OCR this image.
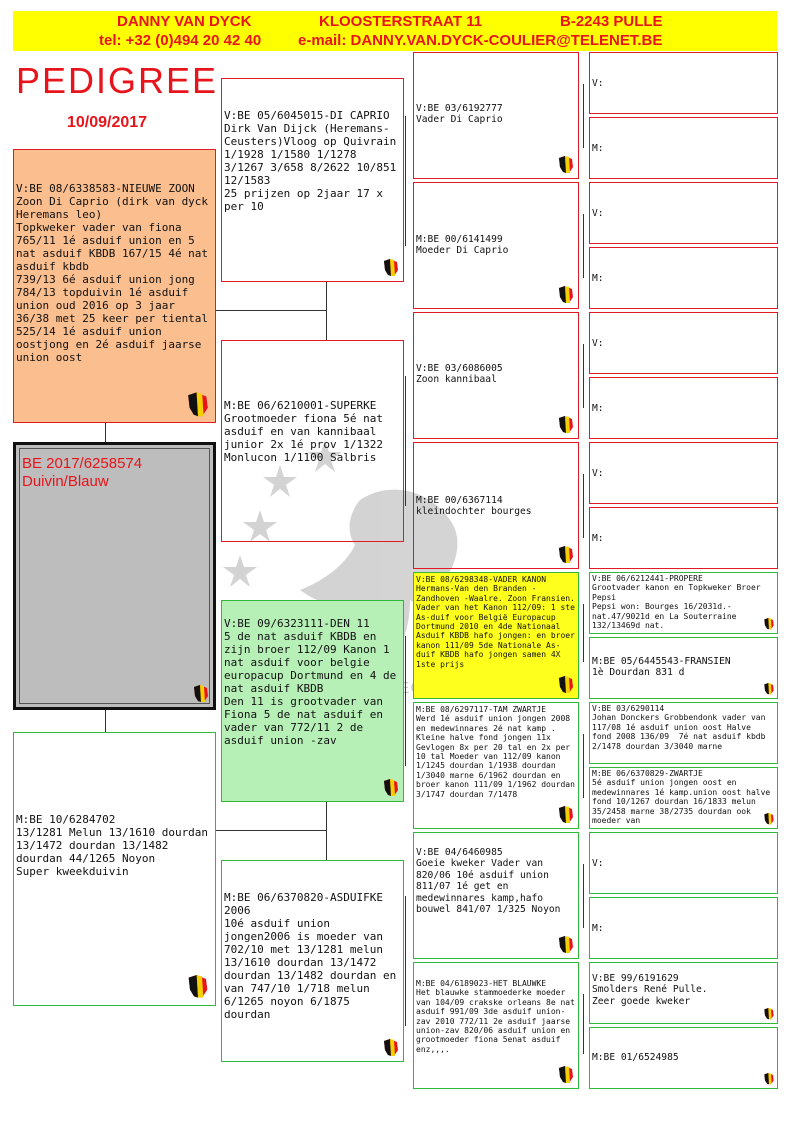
DANNY VAN DYCK	KLOOSTERSTRAAT 11	B-2243 PULLE
tel: +32 (0)494 20 42 40 e-mail: DANNY.VAN.DYCK-COULIER@TELENET.BE
PEDIGREE
10/09/2017
BE 2017/6258574
Duivin/Blauw
V:BE 08/6338583-NIEUWE ZOON
Zoon Di Caprio (dirk van dyck Heremans leo)
Topkweker vader van fiona 765/11 1é asduif union en 5 nat asduif KBDB 167/15 4é nat asduif kbdb
739/13 6é asduif union jong 784/13 topduivin 1é asduif union oud 2016 op 3 jaar 36/38 met 25 keer per tiental
525/14 1é asduif union oostjong en 2é asduif jaarse union oost
M:BE 10/6284702
13/1281 Melun 13/1610 dourdan 13/1472 dourdan 13/1482 dourdan 44/1265 Noyon
Super kweekduivin
V:BE 05/6045015-DI CAPRIO
Dirk Van Dijck (Heremans-Ceusters)Vloog op Quivrain 1/1928 1/1580 1/1278 3/1267 3/658 8/2622 10/851 12/1583
25 prijzen op 2jaar 17 x per 10
M:BE 06/6210001-SUPERKE
Grootmoeder fiona 5é nat asduif en van kannibaal junior 2x 1é prov 1/1322 Monlucon 1/1100 Salbris
V:BE 09/6323111-DEN 11
5 de nat asduif KBDB en zijn broer 112/09 Kanon 1 nat asduif voor belgie europacup Dortmund en 4 de nat asduif KBDB
Den 11 is grootvader van Fiona 5 de nat asduif en vader van 772/11 2 de asduif union -zav
M:BE 06/6370820-ASDUIFKE 2006
10é asduif union jongen2006 is moeder van 702/10 met 13/1281 melun 13/1610 dourdan 13/1472 dourdan 13/1482 dourdan en van 747/10 1/718 melun 6/1265 noyon 6/1875 dourdan
V:BE 03/6192777
Vader Di Caprio
M:BE 00/6141499
Moeder Di Caprio
V:BE 03/6086005
Zoon kannibaal
M:BE 00/6367114
kleindochter bourges
V:BE 08/6298348-VADER KANON
Hermans-Van den Branden - Zandhoven -Waalre. Zoon Fransien. Vader van het Kanon 112/09: 1 ste As-duif voor België Europacup Dortmund 2010 en 4de Nationaal Asduif KBDB hafo jongen: en broer kanon 111/09 5de Nationale As-duif KBDB hafo jongen samen 4X 1ste prijs
M:BE 08/6297117-TAM ZWARTJE
Werd 1é asduif union jongen 2008 en medewinnares 2é nat kamp . Kleine halve fond jongen 11x Gevlogen 8x per 20 tal en 2x per 10 tal Moeder van 112/09 kanon 1/1245 dourdan 1/1938 dourdan 1/3040 marne 6/1962 dourdan en broer kanon 111/09 1/1962 dourdan 3/1747 dourdan 7/1478
V:BE 04/6460985
Goeie kweker Vader van 820/06 10é asduif union  811/07 1é get en medewinnares kamp,hafo bouwel 841/07 1/325 Noyon
M:BE 04/6189023-HET BLAUWKE
Het blauwke stammoederke moeder van 104/09 crakske orleans 8e nat asduif 991/09 3de asduif union-zav 2010 772/11 2e asduif jaarse union-zav 820/06 asduif union en grootmoeder fiona 5enat asduif enz,,,.
V:
M:
V:
M:
V:
M:
V:
M:
V:BE 06/6212441-PROPERE
Grootvader kanon en Topkweker Broer Pepsi
Pepsi won: Bourges 16/2031d.-nat.47/9021d en La Souterraine 132/13469d nat.
M:BE 05/6445543-FRANSIEN
1è Dourdan 831 d
V:BE 03/6290114
Johan Donckers Grobbendonk vader van 117/08 1é asduif union oost Halve fond 2008 136/09  7é nat asduif kbdb 2/1478 dourdan 3/3040 marne
M:BE 06/6370829-ZWARTJE
5é asduif union jongen oost en medewinnares 1é kamp.union oost halve fond 10/1267 dourdan 16/1833 melun 35/2458 marne 38/2735 dourdan ook moeder van
V:
M:
V:BE 99/6191629
Smolders René Pulle.
Zeer goede kweker
M:BE 01/6524985
